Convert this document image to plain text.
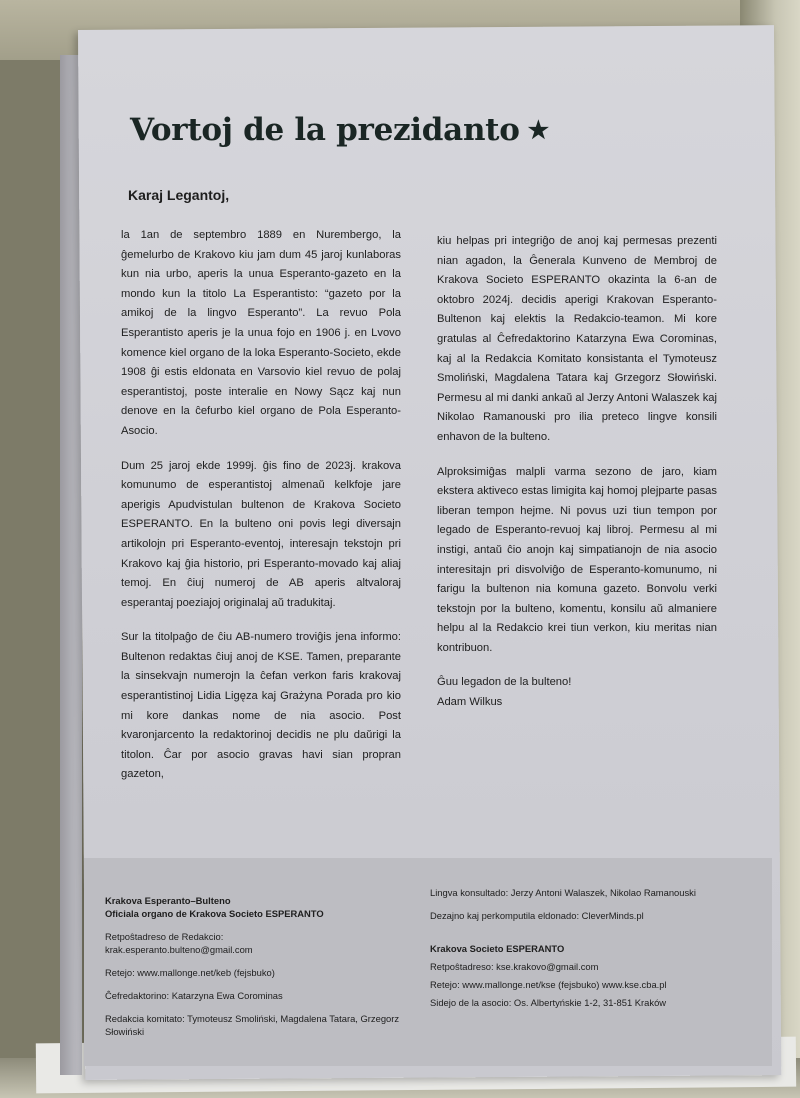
Vortoj de la prezidanto ★
Karaj Legantoj,

la 1an de septembro 1889 en Nurembergo, la ĝemelurbo de Krakovo kiu jam dum 45 jaroj kunlaboras kun nia urbo, aperis la unua Esperanto-gazeto en la mondo kun la titolo La Esperantisto: “gazeto por la amikoj de la lingvo Esperanto”. La revuo Pola Esperantisto aperis je la unua fojo en 1906 j. en Lvovo komence kiel organo de la loka Esperanto-Societo, ekde 1908 ĝi estis eldonata en Varsovio kiel revuo de polaj esperantistoj, poste interalie en Nowy Sącz kaj nun denove en la ĉefurbo kiel organo de Pola Esperanto-Asocio.

Dum 25 jaroj ekde 1999j. ĝis fino de 2023j. krakova komunumo de esperantistoj almenaŭ kelkfoje jare aperigis Apudvistulan bultenon de Krakova Societo ESPERANTO. En la bulteno oni povis legi diversajn artikolojn pri Esperanto-eventoj, interesajn tekstojn pri Krakovo kaj ĝia historio, pri Esperanto-movado kaj aliaj temoj. En ĉiuj numeroj de AB aperis altvaloraj esperantaj poeziajoj originalaj aŭ tradukitaj.

Sur la titolpaĝo de ĉiu AB-numero troviĝis jena informo: Bultenon redaktas ĉiuj anoj de KSE. Tamen, preparante la sinsekvajn numerojn la ĉefan verkon faris krakovaj esperantistinoj Lidia Ligęza kaj Grażyna Porada pro kio mi kore dankas nome de nia asocio. Post kvaronjarcento la redaktorinoj decidis ne plu daŭrigi la titolon. Ĉar por asocio gravas havi sian propran gazeton,

kiu helpas pri integriĝo de anoj kaj permesas prezenti nian agadon, la Ĝenerala Kunveno de Membroj de Krakova Societo ESPERANTO okazinta la 6-an de oktobro 2024j. decidis aperigi Krakovan Esperanto-Bultenon kaj elektis la Redakcio-teamon. Mi kore gratulas al Ĉefredaktorino Katarzyna Ewa Corominas, kaj al la Redakcia Komitato konsistanta el Tymoteusz Smoliński, Magdalena Tatara kaj Grzegorz Słowiński. Permesu al mi danki ankaŭ al Jerzy Antoni Walaszek kaj Nikolao Ramanouski pro ilia preteco lingve konsili enhavon de la bulteno.

Alproksimiĝas malpli varma sezono de jaro, kiam ekstera aktiveco estas limigita kaj homoj plejparte pasas liberan tempon hejme. Ni povus uzi tiun tempon por legado de Esperanto-revuoj kaj libroj. Permesu al mi instigi, antaŭ ĉio anojn kaj simpatianojn de nia asocio interesitajn pri disvolviĝo de Esperanto-komunumo, ni farigu la bultenon nia komuna gazeto. Bonvolu verki tekstojn por la bulteno, komentu, konsilu aŭ almaniere helpu al la Redakcio krei tiun verkon, kiu meritas nian kontribuon.

Ĝuu legadon de la bulteno!
Adam Wilkus
Krakova Esperanto–Bulteno
Oficiala organo de Krakova Societo ESPERANTO
Retpoŝtadreso de Redakcio:
krak.esperanto.bulteno@gmail.com
Retejo: www.mallonge.net/keb (fejsbuko)
Ĉefredaktorino: Katarzyna Ewa Corominas
Redakcia komitato: Tymoteusz Smoliński, Magdalena Tatara, Grzegorz Słowiński
Lingva konsultado: Jerzy Antoni Walaszek, Nikolao Ramanouski
Dezajno kaj perkomputila eldonado: CleverMinds.pl
Krakova Societo ESPERANTO
Retpoŝtadreso: kse.krakovo@gmail.com
Retejo: www.mallonge.net/kse (fejsbuko) www.kse.cba.pl
Sidejo de la asocio: Os. Albertyńskie 1-2, 31-851 Kraków
